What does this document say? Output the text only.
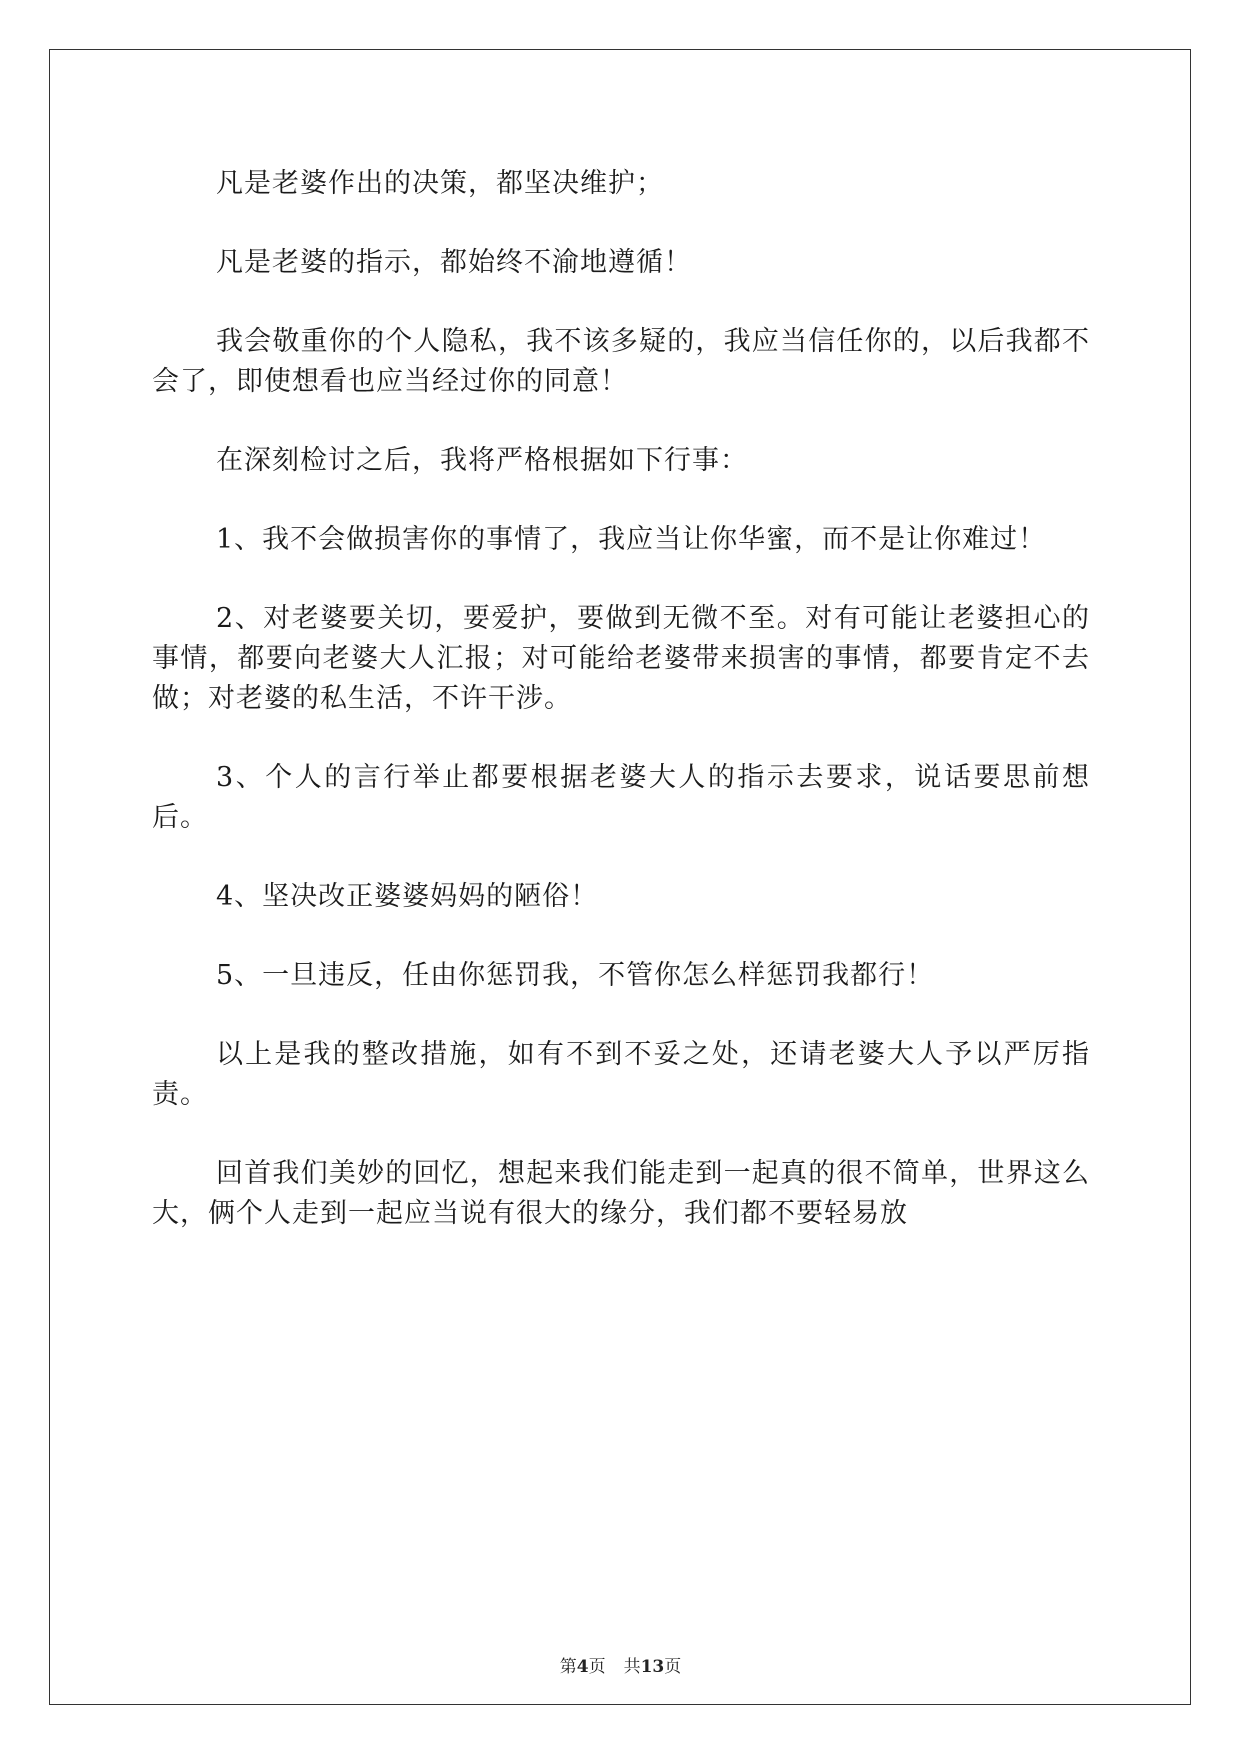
凡是老婆作出的决策，都坚决维护；

凡是老婆的指示，都始终不渝地遵循！

我会敬重你的个人隐私，我不该多疑的，我应当信任你的，以后我都不会了，即使想看也应当经过你的同意！

在深刻检讨之后，我将严格根据如下行事：

1、我不会做损害你的事情了，我应当让你华蜜，而不是让你难过！

2、对老婆要关切，要爱护，要做到无微不至。对有可能让老婆担心的事情，都要向老婆大人汇报；对可能给老婆带来损害的事情，都要肯定不去做；对老婆的私生活，不许干涉。

3、个人的言行举止都要根据老婆大人的指示去要求，说话要思前想后。

4、坚决改正婆婆妈妈的陋俗！

5、一旦违反，任由你惩罚我，不管你怎么样惩罚我都行！

以上是我的整改措施，如有不到不妥之处，还请老婆大人予以严厉指责。

回首我们美妙的回忆，想起来我们能走到一起真的很不简单，世界这么大，俩个人走到一起应当说有很大的缘分，我们都不要轻易放

第4页 共13页
